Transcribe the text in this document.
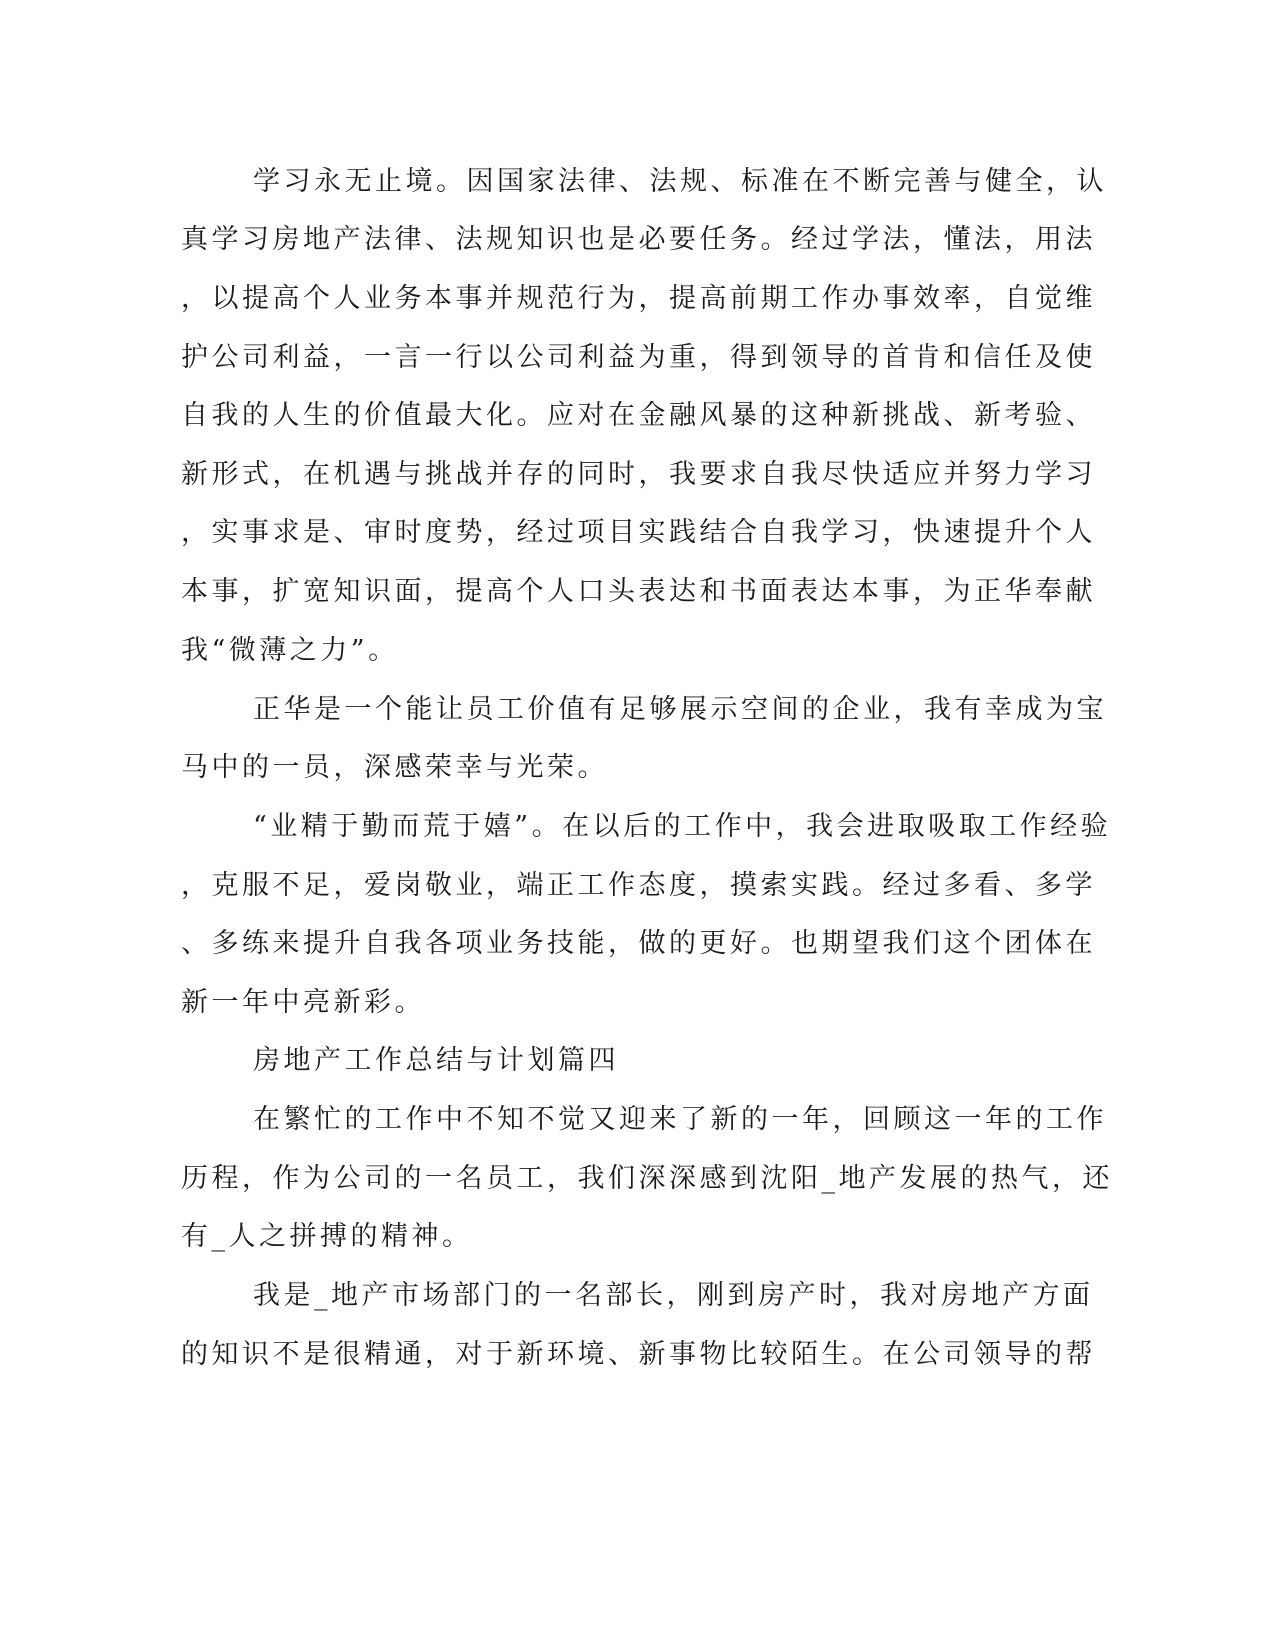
学习永无止境。因国家法律、法规、标准在不断完善与健全，认

真学习房地产法律、法规知识也是必要任务。经过学法，懂法，用法

，以提高个人业务本事并规范行为，提高前期工作办事效率，自觉维

护公司利益，一言一行以公司利益为重，得到领导的首肯和信任及使

自我的人生的价值最大化。应对在金融风暴的这种新挑战、新考验、

新形式，在机遇与挑战并存的同时，我要求自我尽快适应并努力学习

，实事求是、审时度势，经过项目实践结合自我学习，快速提升个人

本事，扩宽知识面，提高个人口头表达和书面表达本事，为正华奉献

我“微薄之力”。

正华是一个能让员工价值有足够展示空间的企业，我有幸成为宝

马中的一员，深感荣幸与光荣。

“业精于勤而荒于嬉”。在以后的工作中，我会进取吸取工作经验

，克服不足，爱岗敬业，端正工作态度，摸索实践。经过多看、多学

、多练来提升自我各项业务技能，做的更好。也期望我们这个团体在

新一年中亮新彩。

房地产工作总结与计划篇四

在繁忙的工作中不知不觉又迎来了新的一年，回顾这一年的工作

历程，作为公司的一名员工，我们深深感到沈阳_地产发展的热气，还

有_人之拼搏的精神。

我是_地产市场部门的一名部长，刚到房产时，我对房地产方面

的知识不是很精通，对于新环境、新事物比较陌生。在公司领导的帮
